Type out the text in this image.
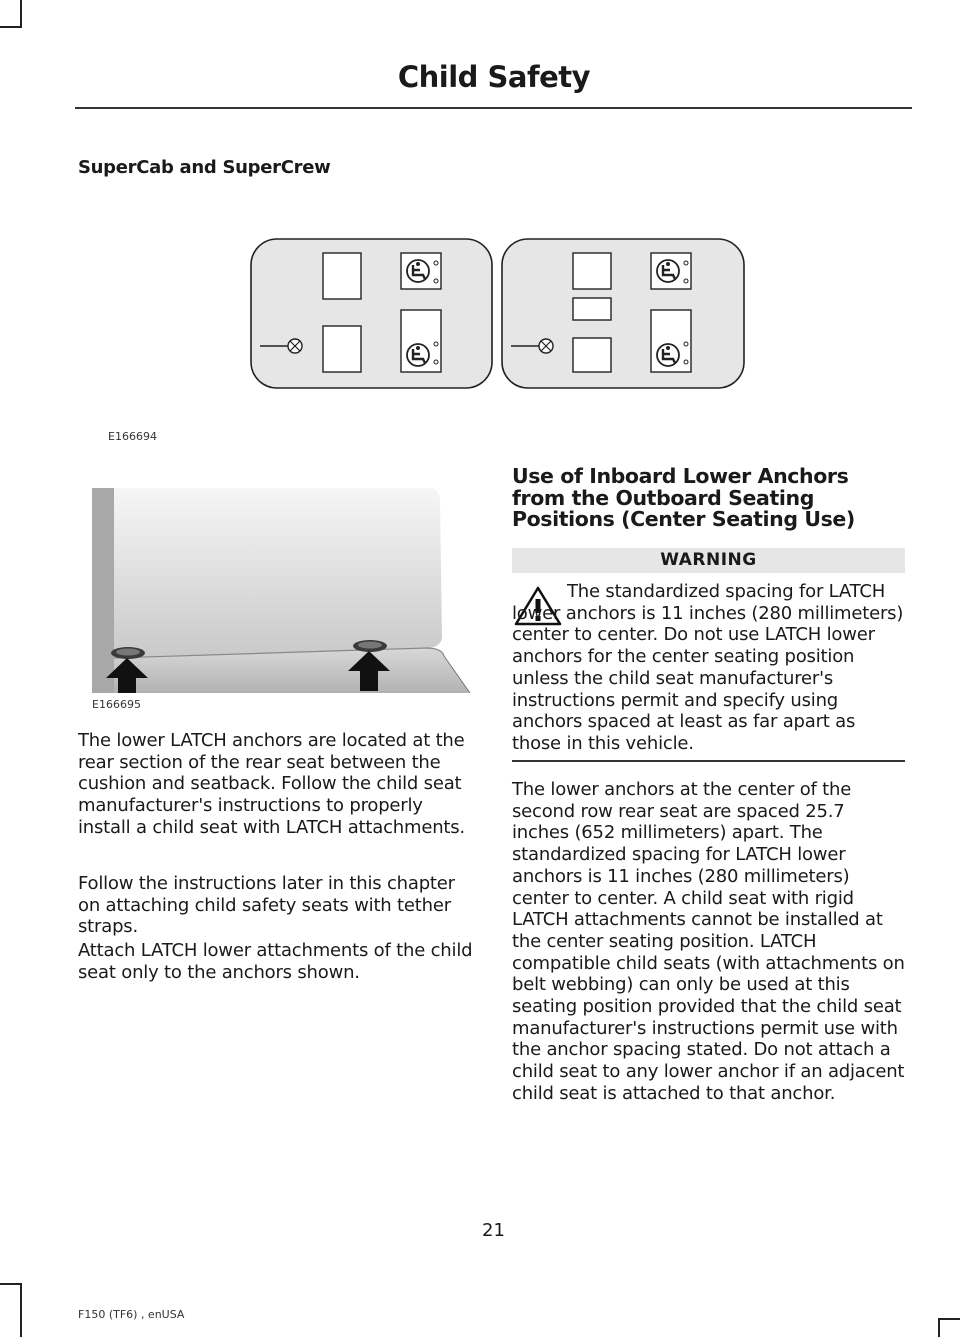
Child Safety
SuperCab and SuperCrew
E166694
E166695

The lower LATCH anchors are located at the rear section of the rear seat between the cushion and seatback. Follow the child seat manufacturer's instructions to properly install a child seat with LATCH attachments.

Follow the instructions later in this chapter on attaching child safety seats with tether straps.

Attach LATCH lower attachments of the child seat only to the anchors shown.

Use of Inboard Lower Anchors from the Outboard Seating Positions (Center Seating Use)
WARNING

The standardized spacing for LATCH lower anchors is 11 inches (280 millimeters) center to center. Do not use LATCH lower anchors for the center seating position unless the child seat manufacturer's instructions permit and specify using anchors spaced at least as far apart as those in this vehicle.

The lower anchors at the center of the second row rear seat are spaced 25.7 inches (652 millimeters) apart. The standardized spacing for LATCH lower anchors is 11 inches (280 millimeters) center to center. A child seat with rigid LATCH attachments cannot be installed at the center seating position. LATCH compatible child seats (with attachments on belt webbing) can only be used at this seating position provided that the child seat manufacturer's instructions permit use with the anchor spacing stated. Do not attach a child seat to any lower anchor if an adjacent child seat is attached to that anchor.

21
F150 (TF6) , enUSA
